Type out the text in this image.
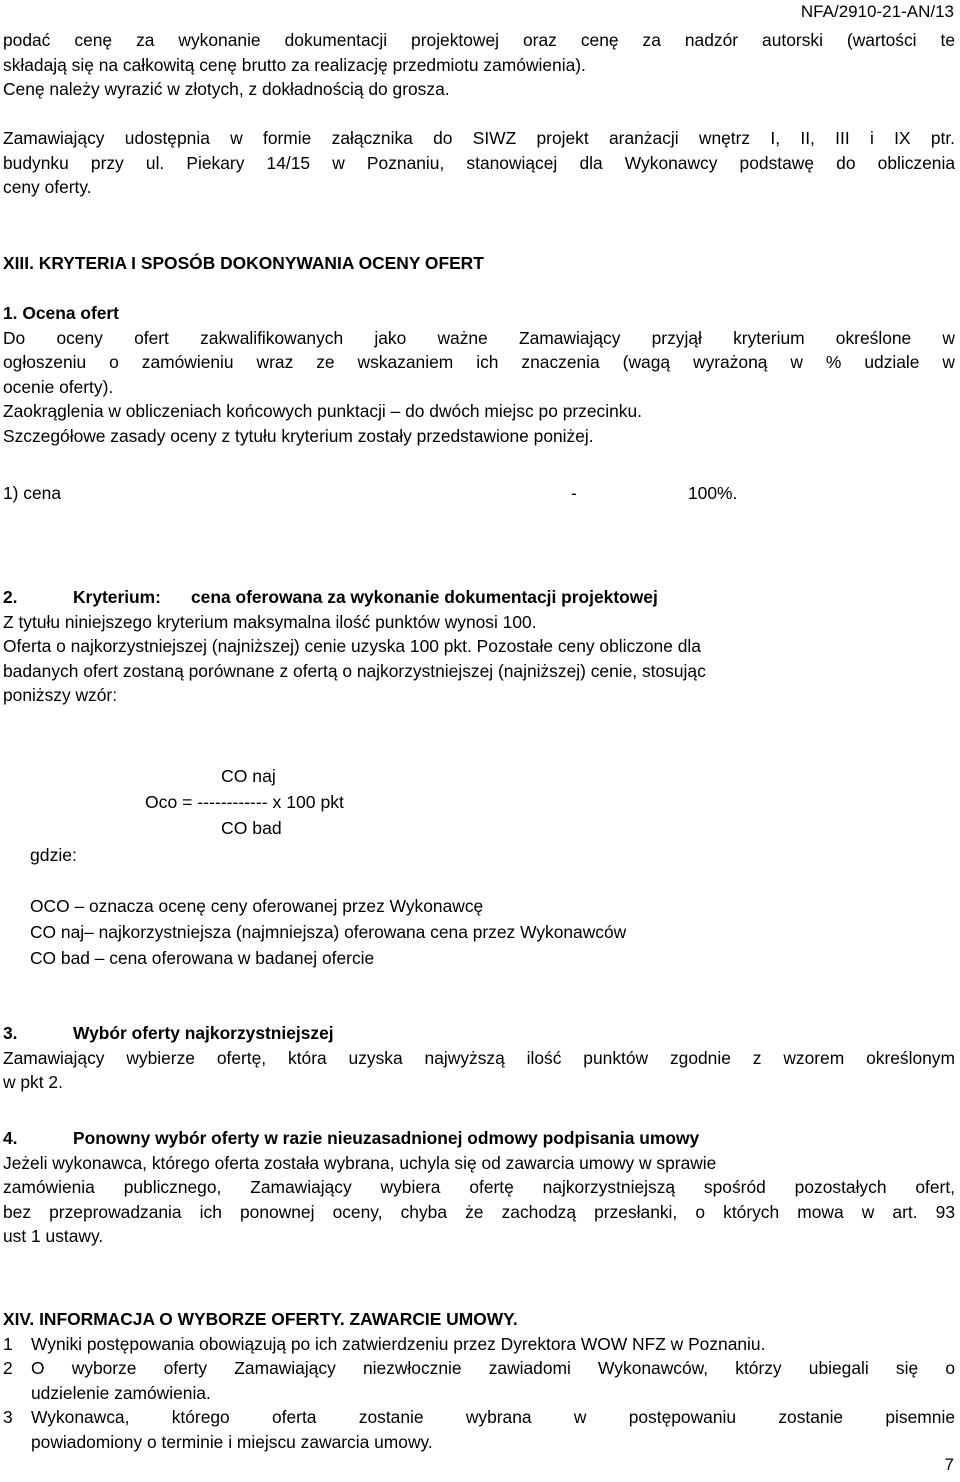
NFA/2910-21-AN/13
podać cenę za wykonanie dokumentacji projektowej oraz cenę za nadzór autorski (wartości te
składają się na całkowitą cenę brutto za realizację przedmiotu zamówienia).
Cenę należy wyrazić w złotych, z dokładnością do grosza.
Zamawiający udostępnia w formie załącznika do SIWZ projekt aranżacji wnętrz I, II, III i IX ptr.
budynku przy ul. Piekary 14/15 w Poznaniu, stanowiącej dla Wykonawcy podstawę do obliczenia
ceny oferty.
XIII. KRYTERIA I SPOSÓB DOKONYWANIA OCENY OFERT
1. Ocena ofert
Do oceny ofert zakwalifikowanych jako ważne Zamawiający przyjął kryterium określone w
ogłoszeniu o zamówieniu wraz ze wskazaniem ich znaczenia (wagą wyrażoną w % udziale w
ocenie oferty).
Zaokrąglenia w obliczeniach końcowych punktacji – do dwóch miejsc po przecinku.
Szczegółowe zasady oceny z tytułu kryterium zostały przedstawione poniżej.
1) cena	-	100%.
2.	Kryterium: cena oferowana za wykonanie dokumentacji projektowej
Z tytułu niniejszego kryterium maksymalna ilość punktów wynosi 100.
Oferta o najkorzystniejszej (najniższej) cenie uzyska 100 pkt. Pozostałe ceny obliczone dla
badanych ofert zostaną porównane z ofertą o najkorzystniejszej (najniższej) cenie, stosując
poniższy wzór:
CO naj
Oco = ------------ x 100 pkt
CO bad
gdzie:
OCO – oznacza ocenę ceny oferowanej przez Wykonawcę
CO naj– najkorzystniejsza (najmniejsza) oferowana cena przez Wykonawców
CO bad – cena oferowana w badanej ofercie
3.	Wybór oferty najkorzystniejszej
Zamawiający wybierze ofertę, która uzyska najwyższą ilość punktów zgodnie z wzorem określonym
w pkt 2.
4.	Ponowny wybór oferty w razie nieuzasadnionej odmowy podpisania umowy
Jeżeli wykonawca, którego oferta została wybrana, uchyla się od zawarcia umowy w sprawie
zamówienia publicznego, Zamawiający wybiera ofertę najkorzystniejszą spośród pozostałych ofert,
bez przeprowadzania ich ponownej oceny, chyba że zachodzą przesłanki, o których mowa w art. 93
ust 1 ustawy.
XIV. INFORMACJA O WYBORZE OFERTY. ZAWARCIE UMOWY.
1 Wyniki postępowania obowiązują po ich zatwierdzeniu przez Dyrektora WOW NFZ w Poznaniu.
2 O wyborze oferty Zamawiający niezwłocznie zawiadomi Wykonawców, którzy ubiegali się o
udzielenie zamówienia.
3 Wykonawca, którego oferta zostanie wybrana w postępowaniu zostanie pisemnie
powiadomiony o terminie i miejscu zawarcia umowy.
7
